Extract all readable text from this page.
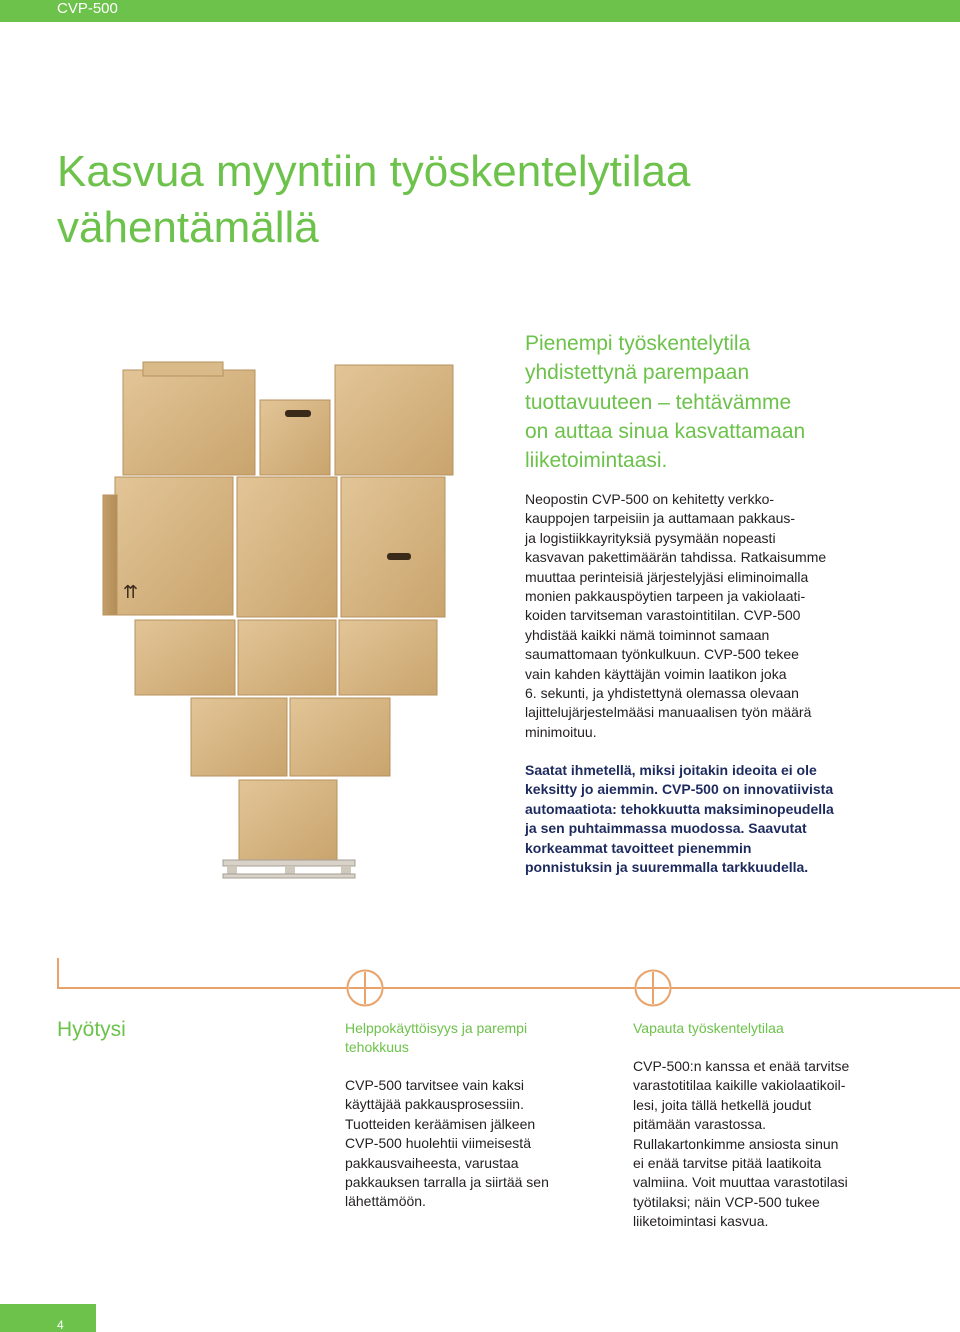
CVP-500
Kasvua myyntiin työskentelytilaa
vähentämällä
⇈
Pienempi työskentelytila
yhdistettynä parempaan
tuottavuuteen – tehtävämme
on auttaa sinua kasvattamaan
liiketoimintaasi.
Neopostin CVP-500 on kehitetty verkko-
kauppojen tarpeisiin ja auttamaan pakkaus-
ja logistiikkayrityksiä pysymään nopeasti
kasvavan pakettimäärän tahdissa. Ratkaisumme
muuttaa perinteisiä järjestelyjäsi eliminoimalla
monien pakkauspöytien tarpeen ja vakiolaati-
koiden tarvitseman varastointitilan. CVP-500
yhdistää kaikki nämä toiminnot samaan
saumattomaan työnkulkuun. CVP-500 tekee
vain kahden käyttäjän voimin laatikon joka
6. sekunti, ja yhdistettynä olemassa olevaan
lajittelujärjestelmääsi manuaalisen työn määrä
minimoituu.
Saatat ihmetellä, miksi joitakin ideoita ei ole
keksitty jo aiemmin. CVP-500 on innovatiivista
automaatiota: tehokkuutta maksiminopeudella
ja sen puhtaimmassa muodossa. Saavutat
korkeammat tavoitteet pienemmin
ponnistuksin ja suuremmalla tarkkuudella.
Hyötysi	Helppokäyttöisyys ja parempi
tehokkuus
CVP-500 tarvitsee vain kaksi
käyttäjää pakkausprosessiin.
Tuotteiden keräämisen jälkeen
CVP-500 huolehtii viimeisestä
pakkausvaiheesta, varustaa
pakkauksen tarralla ja siirtää sen
lähettämöön.
Vapauta työskentelytilaa
CVP-500:n kanssa et enää tarvitse
varastotitilaa kaikille vakiolaatikoil-
lesi, joita tällä hetkellä joudut
pitämään varastossa.
Rullakartonkimme ansiosta sinun
ei enää tarvitse pitää laatikoita
valmiina. Voit muuttaa varastotilasi
työtilaksi; näin VCP-500 tukee
liiketoimintasi kasvua.
4
